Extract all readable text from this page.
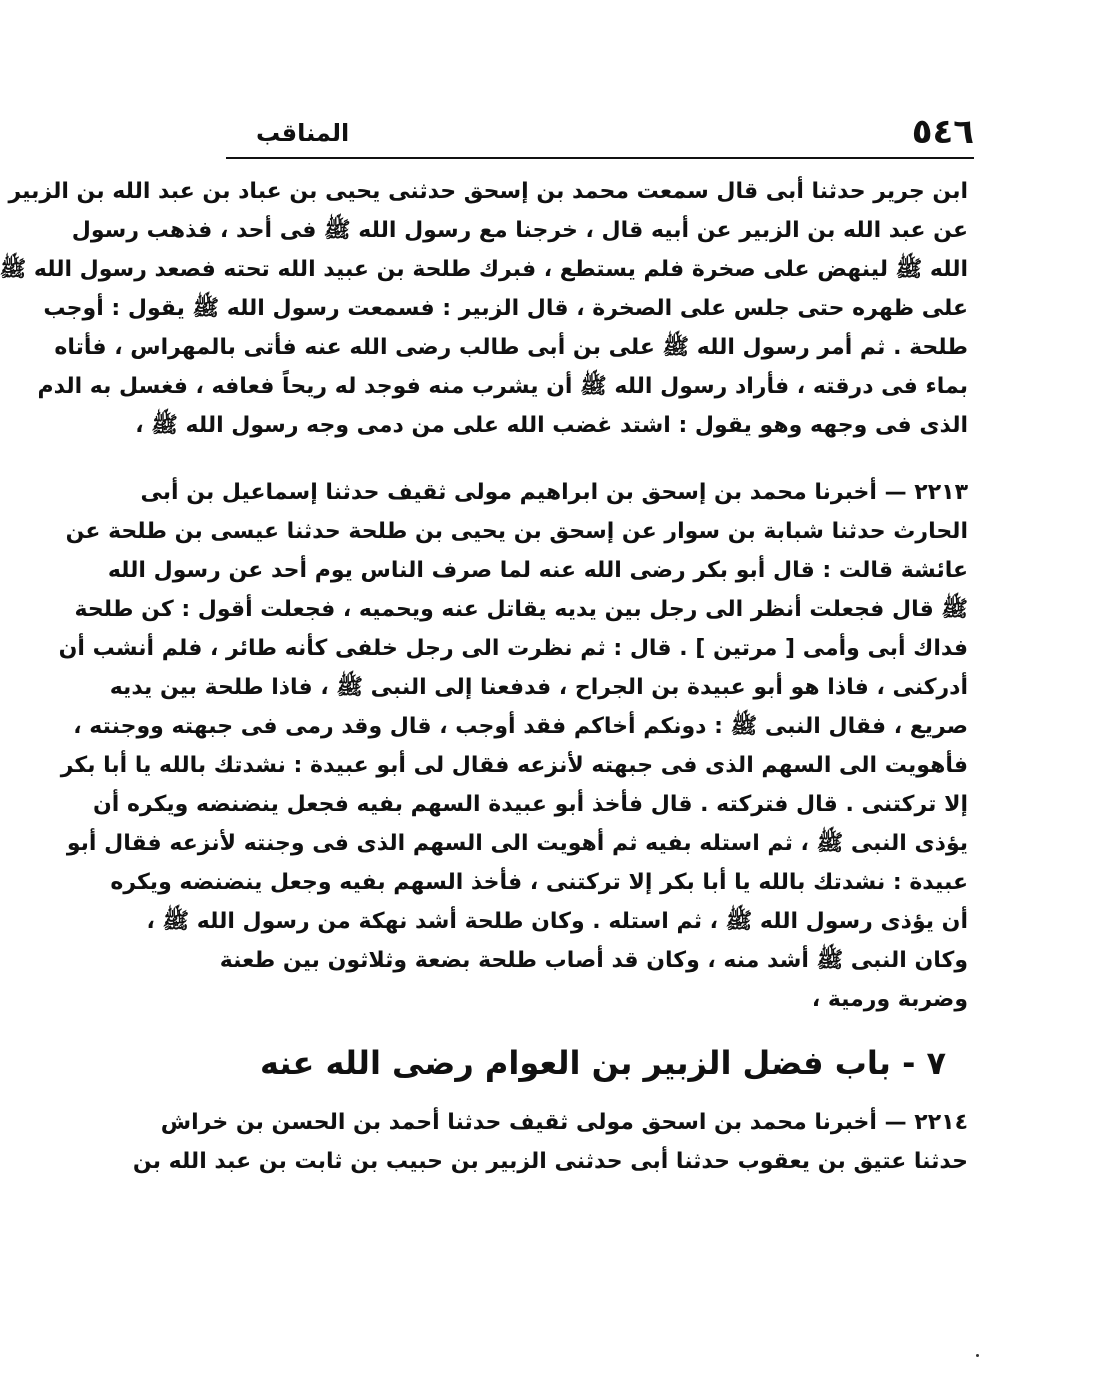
٥٤٦
المناقب
ابن جرير حدثنا أبى قال سمعت محمد بن إسحق حدثنى يحيى بن عباد بن عبد الله بن الزبير
عن عبد الله بن الزبير عن أبيه قال ، خرجنا مع رسول الله ﷺ فى أحد ، فذهب رسول
الله ﷺ لينهض على صخرة فلم يستطع ، فبرك طلحة بن عبيد الله تحته فصعد رسول الله ﷺ
على ظهره حتى جلس على الصخرة ، قال الزبير : فسمعت رسول الله ﷺ يقول : أوجب
طلحة . ثم أمر رسول الله ﷺ على بن أبى طالب رضى الله عنه فأتى بالمهراس ، فأتاه
بماء فى درقته ، فأراد رسول الله ﷺ أن يشرب منه فوجد له ريحاً فعافه ، فغسل به الدم
الذى فى وجهه وهو يقول : اشتد غضب الله على من دمى وجه رسول الله ﷺ ،
٢٢١٣ — أخبرنا محمد بن إسحق بن ابراهيم مولى ثقيف حدثنا إسماعيل بن أبى
الحارث حدثنا شبابة بن سوار عن إسحق بن يحيى بن طلحة حدثنا عيسى بن طلحة عن
عائشة قالت : قال أبو بكر رضى الله عنه لما صرف الناس يوم أحد عن رسول الله
ﷺ قال فجعلت أنظر الى رجل بين يديه يقاتل عنه ويحميه ، فجعلت أقول : كن طلحة
فداك أبى وأمى [ مرتين ] . قال : ثم نظرت الى رجل خلفى كأنه طائر ، فلم أنشب أن
أدركنى ، فاذا هو أبو عبيدة بن الجراح ، فدفعنا إلى النبى ﷺ ، فاذا طلحة بين يديه
صريع ، فقال النبى ﷺ : دونكم أخاكم فقد أوجب ، قال وقد رمى فى جبهته ووجنته ،
فأهويت الى السهم الذى فى جبهته لأنزعه فقال لى أبو عبيدة : نشدتك بالله يا أبا بكر
إلا تركتنى . قال فتركته . قال فأخذ أبو عبيدة السهم بفيه فجعل ينضنضه ويكره أن
يؤذى النبى ﷺ ، ثم استله بفيه ثم أهويت الى السهم الذى فى وجنته لأنزعه فقال أبو
عبيدة : نشدتك بالله يا أبا بكر إلا تركتنى ، فأخذ السهم بفيه وجعل ينضنضه ويكره
أن يؤذى رسول الله ﷺ ، ثم استله . وكان طلحة أشد نهكة من رسول الله ﷺ ،
وكان النبى ﷺ أشد منه ، وكان قد أصاب طلحة بضعة وثلاثون بين طعنة
وضربة ورمية ،
٧ - باب فضل الزبير بن العوام رضى الله عنه
٢٢١٤ — أخبرنا محمد بن اسحق مولى ثقيف حدثنا أحمد بن الحسن بن خراش
حدثنا عتيق بن يعقوب حدثنا أبى حدثنى الزبير بن حبيب بن ثابت بن عبد الله بن
